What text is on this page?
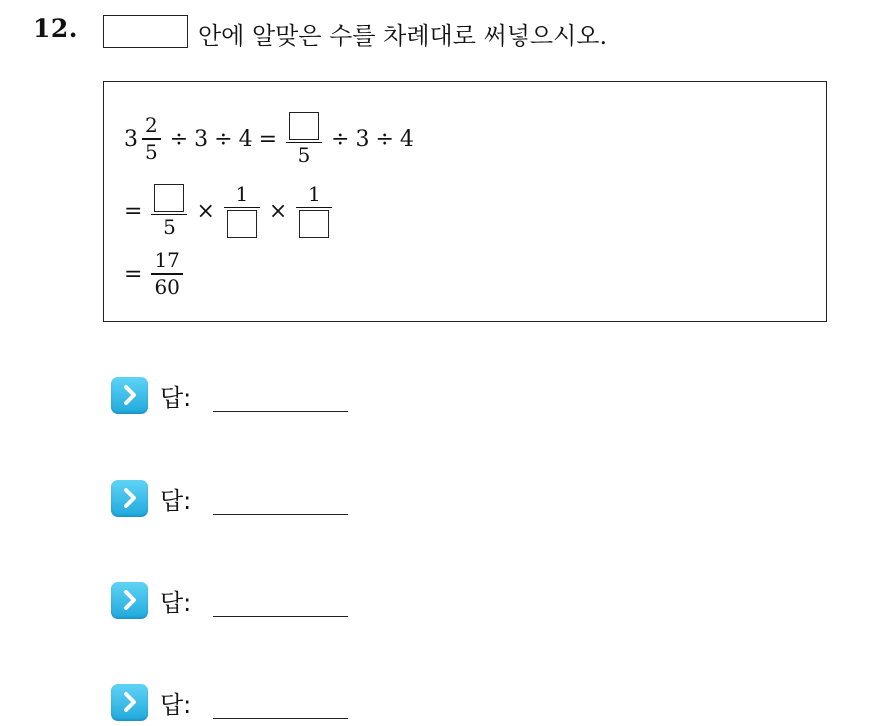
12.	안에 알맞은 수를 차례대로 써넣으시오.
$3 \frac{2}{5} \div 3 \div 4$ =
5
÷ 3 ÷ 4
=
5
×
1
×
1
= $\frac{17}{60}$
답:
답:
답:
답:
